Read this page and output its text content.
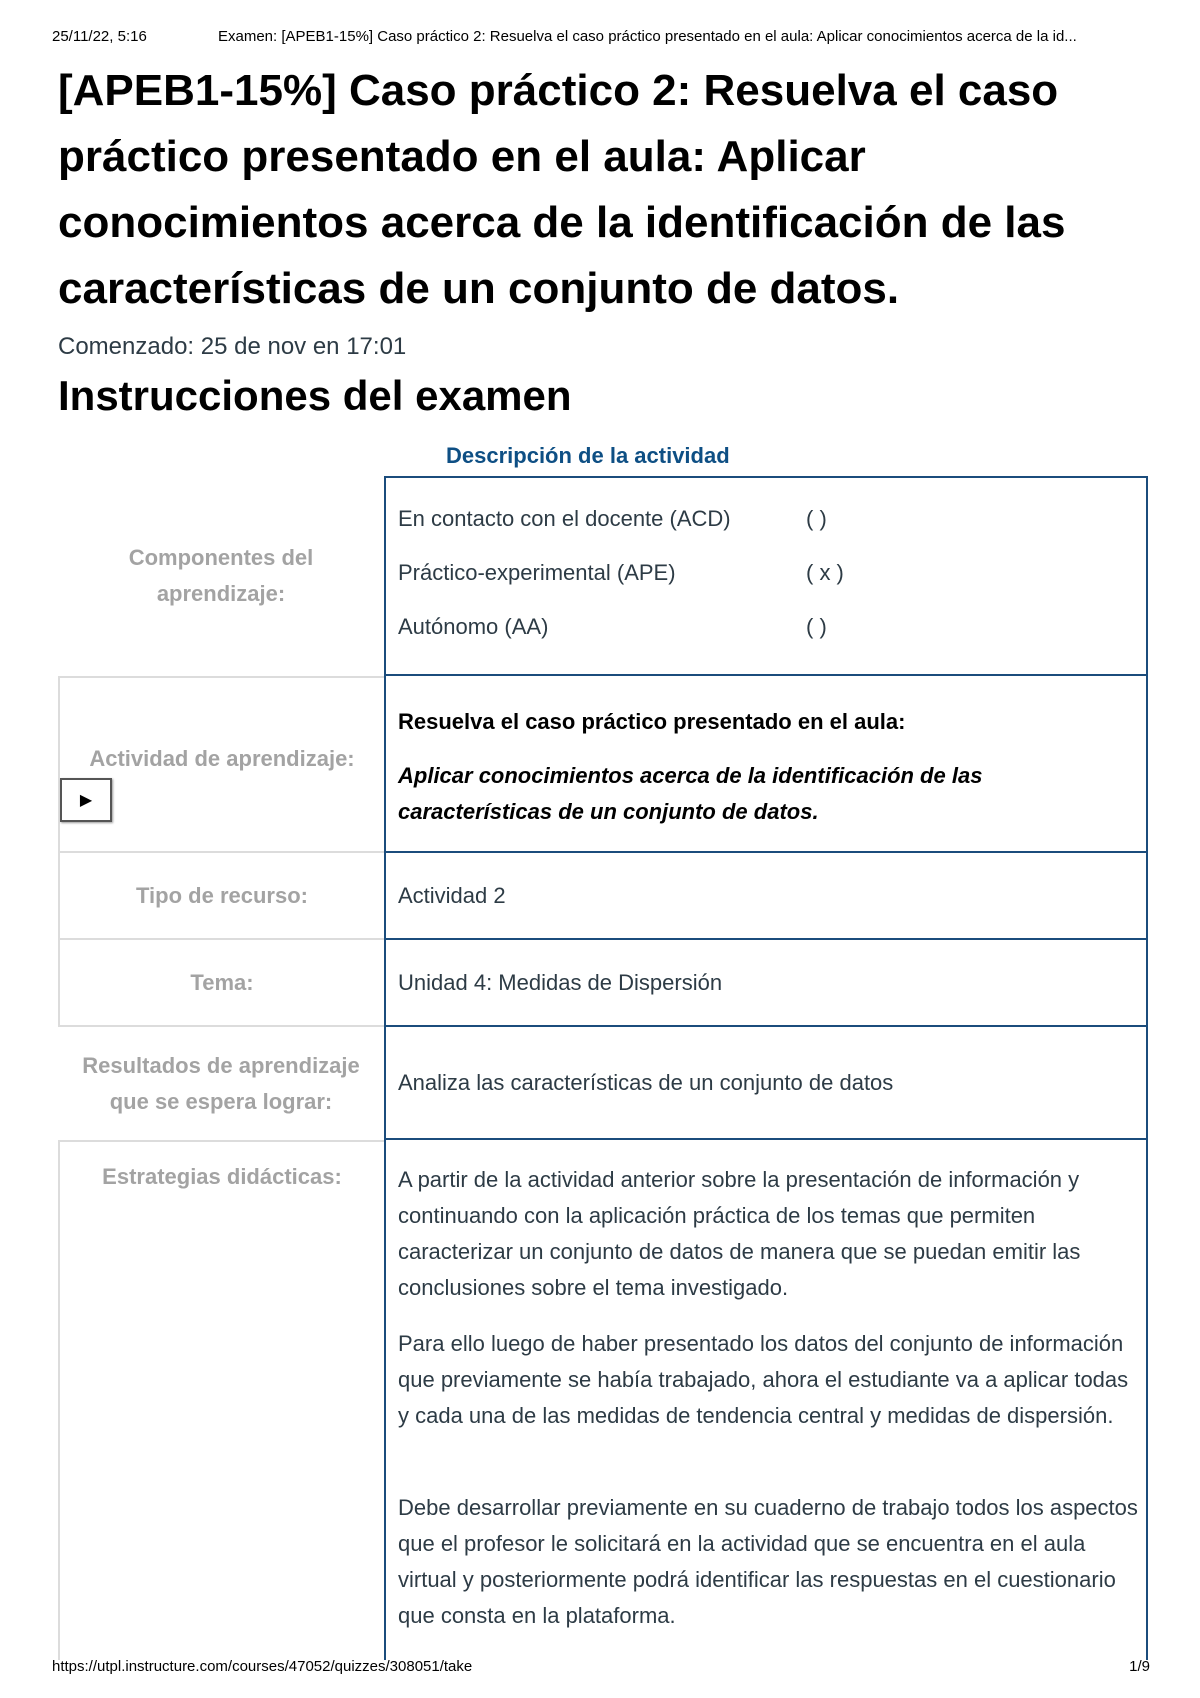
25/11/22, 5:16	Examen: [APEB1-15%] Caso práctico 2: Resuelva el caso práctico presentado en el aula: Aplicar conocimientos acerca de la id...
[APEB1-15%] Caso práctico 2: Resuelva el caso práctico presentado en el aula: Aplicar conocimientos acerca de la identificación de las características de un conjunto de datos.
Comenzado: 25 de nov en 17:01
Instrucciones del examen
Descripción de la actividad
Componentes del aprendizaje:
En contacto con el docente (ACD)	( )
Práctico-experimental (APE)	( x )
Autónomo (AA)	( )
Actividad de aprendizaje:
▶

Resuelva el caso práctico presentado en el aula:

Aplicar conocimientos acerca de la identificación de las características de un conjunto de datos.

Tipo de recurso:	Actividad 2
Tema:	Unidad 4: Medidas de Dispersión
Resultados de aprendizaje que se espera lograr:
Analiza las características de un conjunto de datos
Estrategias didácticas:	A partir de la actividad anterior sobre la presentación de información y continuando con la aplicación práctica de los temas que permiten caracterizar un conjunto de datos de manera que se puedan emitir las conclusiones sobre el tema investigado.

Para ello luego de haber presentado los datos del conjunto de información que previamente se había trabajado, ahora el estudiante va a aplicar todas y cada una de las medidas de tendencia central y medidas de dispersión.

Debe desarrollar previamente en su cuaderno de trabajo todos los aspectos que el profesor le solicitará en la actividad que se encuentra en el aula virtual y posteriormente podrá identificar las respuestas en el cuestionario que consta en la plataforma.

https://utpl.instructure.com/courses/47052/quizzes/308051/take	1/9
